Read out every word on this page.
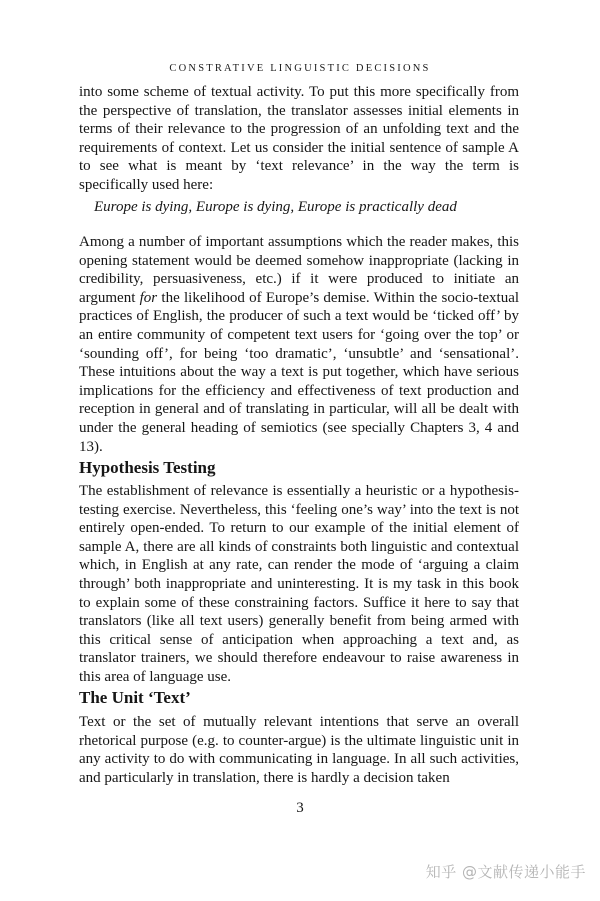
CONSTRATIVE LINGUISTIC DECISIONS

into some scheme of textual activity. To put this more specifically from the perspective of translation, the translator assesses initial elements in terms of their relevance to the progression of an unfolding text and the requirements of context. Let us consider the initial sentence of sample A to see what is meant by ‘text relevance’ in the way the term is specifically used here:

Europe is dying, Europe is dying, Europe is practically dead

Among a number of important assumptions which the reader makes, this opening statement would be deemed somehow inappropriate (lacking in credibility, persuasiveness, etc.) if it were produced to initiate an argument for the likelihood of Europe’s demise. Within the socio-textual practices of English, the producer of such a text would be ‘ticked off’ by an entire community of competent text users for ‘going over the top’ or ‘sounding off’, for being ‘too dramatic’, ‘unsubtle’ and ‘sensational’. These intuitions about the way a text is put together, which have serious implications for the efficiency and effectiveness of text production and reception in general and of translating in particular, will all be dealt with under the general heading of semiotics (see specially Chapters 3, 4 and 13).

Hypothesis Testing

The establishment of relevance is essentially a heuristic or a hypothesis-testing exercise. Nevertheless, this ‘feeling one’s way’ into the text is not entirely open-ended. To return to our example of the initial element of sample A, there are all kinds of constraints both linguistic and contextual which, in English at any rate, can render the mode of ‘arguing a claim through’ both inappropriate and uninteresting. It is my task in this book to explain some of these constraining factors. Suffice it here to say that translators (like all text users) generally benefit from being armed with this critical sense of anticipation when approaching a text and, as translator trainers, we should therefore endeavour to raise awareness in this area of language use.

The Unit ‘Text’

Text or the set of mutually relevant intentions that serve an overall rhetorical purpose (e.g. to counter-argue) is the ultimate linguistic unit in any activity to do with communicating in language. In all such activities, and particularly in translation, there is hardly a decision taken

3
知乎 @文献传递小能手
